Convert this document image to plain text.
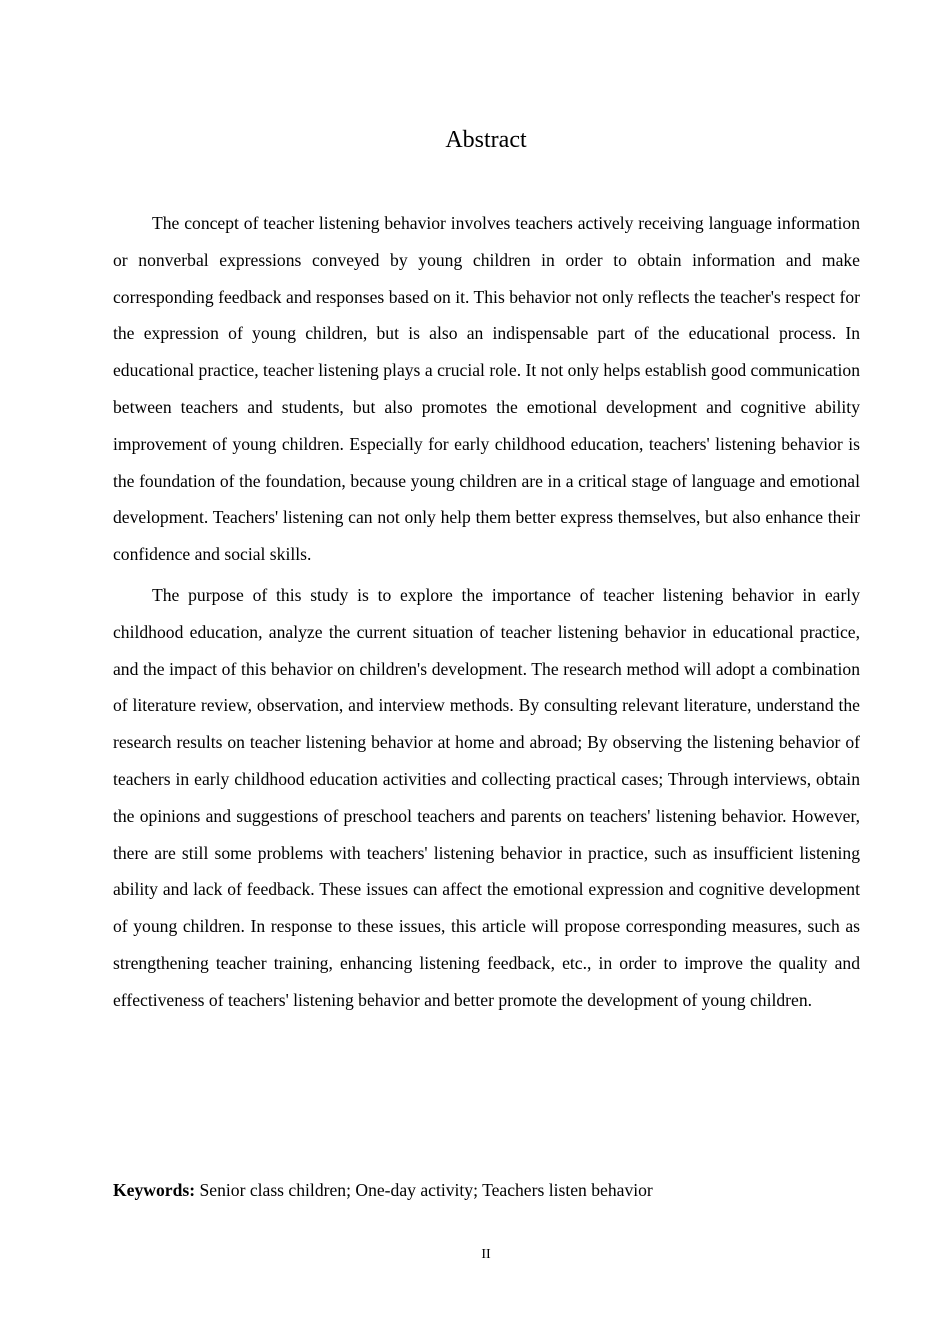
Abstract

The concept of teacher listening behavior involves teachers actively receiving language information or nonverbal expressions conveyed by young children in order to obtain information and make corresponding feedback and responses based on it. This behavior not only reflects the teacher's respect for the expression of young children, but is also an indispensable part of the educational process. In educational practice, teacher listening plays a crucial role. It not only helps establish good communication between teachers and students, but also promotes the emotional development and cognitive ability improvement of young children. Especially for early childhood education, teachers' listening behavior is the foundation of the foundation, because young children are in a critical stage of language and emotional development. Teachers' listening can not only help them better express themselves, but also enhance their confidence and social skills.

The purpose of this study is to explore the importance of teacher listening behavior in early childhood education, analyze the current situation of teacher listening behavior in educational practice, and the impact of this behavior on children's development. The research method will adopt a combination of literature review, observation, and interview methods. By consulting relevant literature, understand the research results on teacher listening behavior at home and abroad; By observing the listening behavior of teachers in early childhood education activities and collecting practical cases; Through interviews, obtain the opinions and suggestions of preschool teachers and parents on teachers' listening behavior. However, there are still some problems with teachers' listening behavior in practice, such as insufficient listening ability and lack of feedback. These issues can affect the emotional expression and cognitive development of young children. In response to these issues, this article will propose corresponding measures, such as strengthening teacher training, enhancing listening feedback, etc., in order to improve the quality and effectiveness of teachers' listening behavior and better promote the development of young children.

Keywords: Senior class children; One-day activity; Teachers listen behavior
II
